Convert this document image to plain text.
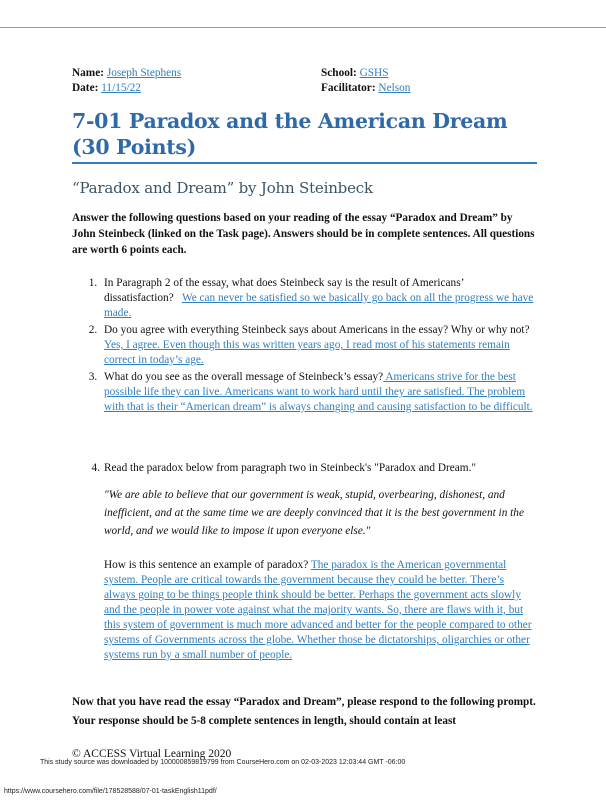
Name: Joseph Stephens
Date: 11/15/22
School: GSHS
Facilitator: Nelson
7-01 Paradox and the American Dream (30 Points)
“Paradox and Dream” by John Steinbeck
Answer the following questions based on your reading of the essay “Paradox and Dream” by John Steinbeck (linked on the Task page). Answers should be in complete sentences. All questions are worth 6 points each.
1. In Paragraph 2 of the essay, what does Steinbeck say is the result of Americans’ dissatisfaction? We can never be satisfied so we basically go back on all the progress we have made.
2. Do you agree with everything Steinbeck says about Americans in the essay? Why or why not?   Yes, I agree. Even though this was written years ago, I read most of his statements remain correct in today’s age.
3. What do you see as the overall message of Steinbeck’s essay? Americans strive for the best possible life they can live. Americans want to work hard until they are satisfied. The problem with that is their “American dream” is always changing and causing satisfaction to be difficult.
4. Read the paradox below from paragraph two in Steinbeck's "Paradox and Dream."
"We are able to believe that our government is weak, stupid, overbearing, dishonest, and inefficient, and at the same time we are deeply convinced that it is the best government in the world, and we would like to impose it upon everyone else."
How is this sentence an example of paradox? The paradox is the American governmental system. People are critical towards the government because they could be better. There’s always going to be things people think should be better. Perhaps the government acts slowly and the people in power vote against what the majority wants. So, there are flaws with it, but this system of government is much more advanced and better for the people compared to other systems of Governments across the globe. Whether those be dictatorships, oligarchies or other systems run by a small number of people.
Now that you have read the essay “Paradox and Dream”, please respond to the following prompt. Your response should be 5-8 complete sentences in length, should contain at least
© ACCESS Virtual Learning 2020
This study source was downloaded by 100000859819799 from CourseHero.com on 02-03-2023 12:03:44 GMT -06:00
https://www.coursehero.com/file/178528588/07-01-taskEnglish11pdf/
